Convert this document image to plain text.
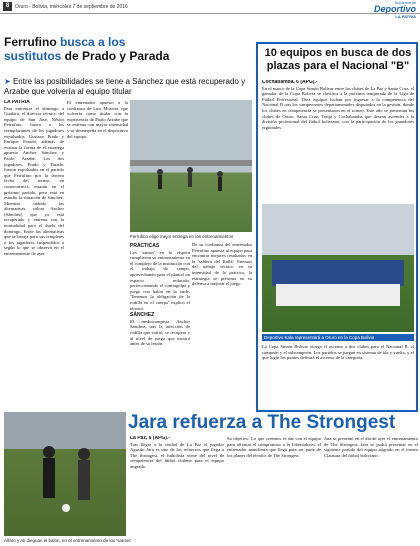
8	Oruro - Bolivia, miércoles 7 de septiembre de 2016
Suplemento
Deportivo
LA PATRIA
Ferrufino busca a los
sustitutos de Prado y Parada
➤ Entre las posibilidades se tiene a Sánchez que está recuperado y Arzabe que volvería al equipo titular
LA PATRIA
Para enfrentar el domingo a Guabirá, el director técnico del equipo de San José, Néstor Ferrufino, busca a los reemplazantes de los jugadores expulsados, Gustavo Prado y Enrique Parada, además de evaluar la forma de el estratega apuesto Anchor Sánchez y Paolo Arzabe. Los dos jugadores, Prado y Parada, fueron expulsados en el partido que Ferrufino por la tercera fecha del torneo, en consecuencia, estarán en el próximo partido, pero está en estudio la situación de Sánchez. Mientras cuándo las alternativas, valora Anchor (Sánchez) que ya está recuperado y entrena con la normalidad para el duelo del domingo. Entre las alternativas que se baraja para sus templetes a los jugadores suspendidos a según lo que se observó en el entrenamiento de ayer.
El entrenador apuesto a la confianza de Luis Moreira, que volvería como titular con la experiencia de Paolo Arzabe que se entrena con mayor intensidad y se desempeña en el dispositivo del equipo.
Ferrufino elige mejor entrega en los entrenamientos
PRÁCTICAS
Los 'santos' en la víspera cumplieron su entrenamiento en el complejo de la institución con el trabajo de campo, aprovechando para el plantel un espacio reducido, perfeccionando el contragolpe y juego con balón en la tarde. 'Tenemos la obligación de la rodilla en el cuerpo' explicó el técnico.
SÁNCHEZ
El mediocampista Anchor Sánchez, tras la infección de rodilla que sufrió, se recupera y al nivel de juego que mostró antes de su lesión.
De su confianza del entrenador Ferrufino apuesta al equipo para encontrar mejores resultados en la 'saldera del Kallá'. Enemos del trabajo técnico en su intensidad de la práctica, la estrategia se presenta en su defensa a mejorar el juego.
Alfaro y Ali dieguan el balón, en el entrenamiento de los 'santos'
10 equipos en busca de dos plazas para el Nacional "B"
Cochabamba, 6 (APG).-
En el marco de la Copa Simón Bolívar entre los clubes de La Paz y Santa Cruz, el ganador de la Copa Bolivia se clasifica a la próxima temporada de la Liga de Fútbol Profesional. Diez equipos luchan por ingresar a la competencia del Nacional B tras los campeonatos departamentales disputados en la gestión, donde los clubes en competencia se presentaron en el torneo. Este año se presentan los clubes de Oruro, Santa Cruz, Tarija y Cochabamba que desean ascender a la división profesional del fútbol boliviano, con la participación de los ganadores regionales.
Deportivo Kala representará a Oruro en la Copa Bolivia
La Copa Simón Bolívar otorga el ascenso a dos clubes para el Nacional B, el campeón y el subcampeón. Los partidos se juegan en sistema de ida y vuelta, y el que logre los puntos definirá el ascenso de la categoría.
Jara refuerza a The Strongest
La Paz, 6 (APG).-
Tras llegar a la ciudad de La Paz el jugador Agustín Jara es uno de los refuerzos que llega a The Strongest, el futbolista viene del nivel de competencia del fútbol chileno para el equipo atigrado.
Su objetivo. Lo que creemos es dar con el equipo para afrontar el compromiso a la Libertadores, el entrenador manifiesta que llega para ser parte de los planes del técnico de The Strongest.
Jara se presentó en el día de ayer el entrenamiento de The Strongest, Jara se podrá presentar en el siguiente partido del equipo atigrado en el torneo Clausura del fútbol boliviano.
